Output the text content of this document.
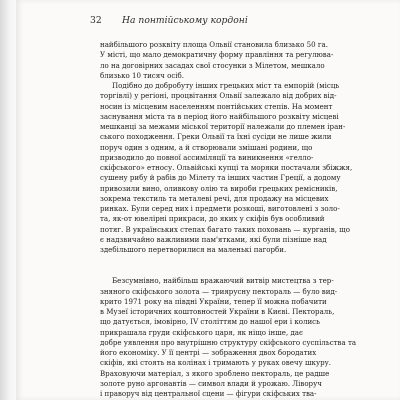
32 На понтійському кордоні
найбільшого розквіту площа Ольвії становила близько 50 га.
У місті, що мало демократичну форму правління та регулюва-
ло на договірних засадах свої стосунки з Мілетом, мешкало
близько 10 тисяч осіб.
Подібно до добробуту інших грецьких міст та емпорій (місць
торгівлі) у регіоні, процвітання Ольвії залежало від добрих від-
носин із місцевим населенням понтійських степів. На момент
заснування міста та в період його найбільшого розквіту місцеві
мешканці за межами міської території належали до племен іран-
ського походження. Греки Ольвії та їхні сусіди не лише жили
поруч один з одним, а й створювали змішані родини, що
призводило до повної ассиміляції та виникнення «гелло-
скіфського» етносу. Ольвійські купці та моряки постачали збіжжя,
сушену рибу й рабів до Мілету та інших частин Греції, а додому
привозили вино, оливкову олію та вироби грецьких ремісників,
зокрема текстиль та металеві речі, для продажу на місцевих
ринках. Були серед них і предмети розкоші, виготовлені з золо-
та, як-от ювелірні прикраси, до яких у скіфів був особливий
потяг. В українських степах багато таких поховань — курганів, що
є надзвичайно важливими пам'ятками, які були пізніше над
здебільшого перетворилися на маленькі пагорби.
Безсумнівно, найбільш вражаючий витвір мистецтва з тер-
зняного скіфського золота — триярусну пектораль — було вид-
крито 1971 року на півдні України, тепер її можна побачити
в Музеї історичних коштовностей України в Києві. Пектораль,
що датується, імовірно, IV століттям до нашої ери і колись
прикрашала груди скіфського царя, як ніщо інше, дає
добре уявлення про внутрішню структуру скіфського суспільства та
його економіку. У її центрі — зображення двох бородатих
скіфів, які стоять на колінах і тримають у руках овечу шкуру.
Враховуючи матеріал, з якого зроблено пектораль, це радше
золоте руно аргонавтів — символ влади й урожаю. Ліворуч
і праворуч від центральної сцени — фігури скіфських тва-
